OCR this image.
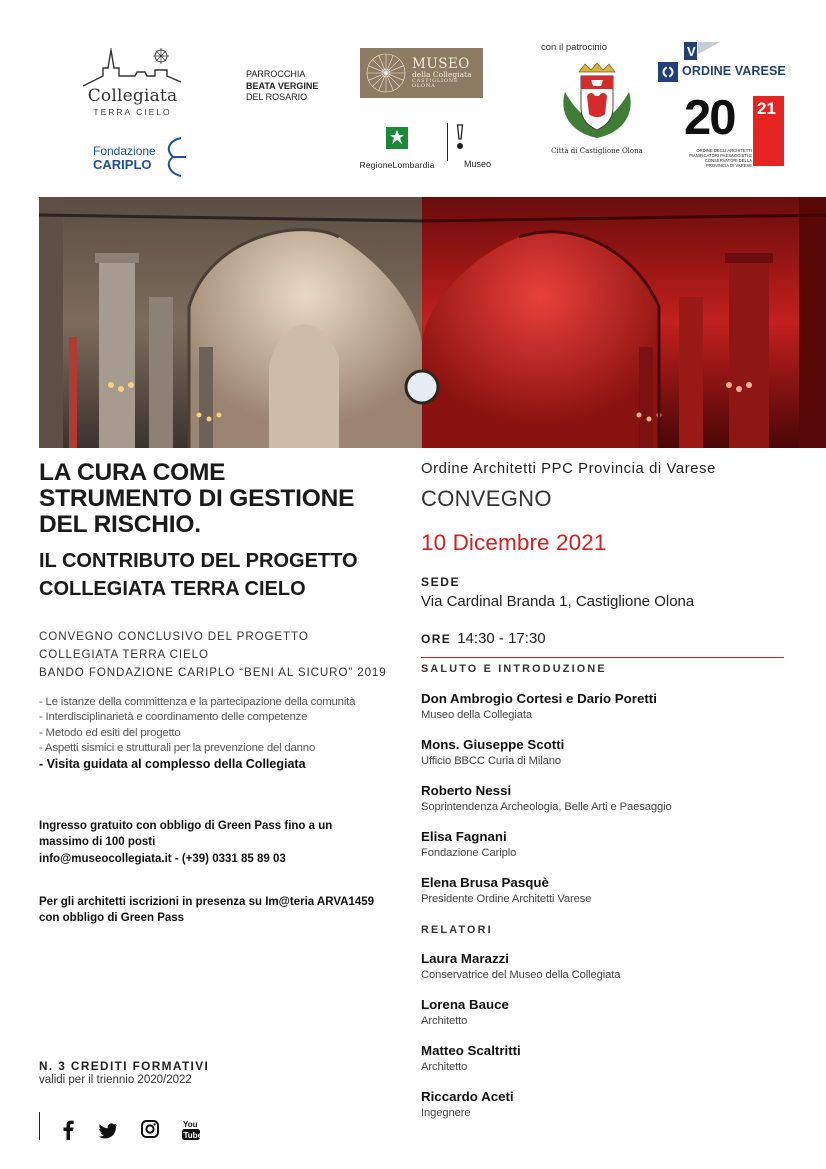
Collegiata
TERRA CIELO
PARROCCHIA
BEATA VERGINE
DEL ROSARIO
MUSEO
della Collegiata
CASTIGLIONE OLONA
RegioneLombardia	Museo
con il patrocinio
Città di Castiglione Olona
V
ORDINE VARESE
20 21
ORDINE DEGLI ARCHITETTI PIANIFICATORI PAESAGGISTI E CONSERVATORI DELLA PROVINCIA DI VARESE
Fondazione
CARIPLO
LA CURA COME
STRUMENTO DI GESTIONE
DEL RISCHIO.
IL CONTRIBUTO DEL PROGETTO
COLLEGIATA TERRA CIELO
CONVEGNO CONCLUSIVO DEL PROGETTO
COLLEGIATA TERRA CIELO
BANDO FONDAZIONE CARIPLO “BENI AL SICURO” 2019
- Le istanze della committenza e la partecipazione della comunità
- Interdisciplinarietà e coordinamento delle competenze
- Metodo ed esiti del progetto
- Aspetti sismici e strutturali per la prevenzione del danno
- Visita guidata al complesso della Collegiata
Ingresso gratuito con obbligo di Green Pass fino a un
massimo di 100 posti
info@museocollegiata.it - (+39) 0331 85 89 03
Per gli architetti iscrizioni in presenza su Im@teria ARVA1459
con obbligo di Green Pass
N. 3 CREDITI FORMATIVI
validi per il triennio 2020/2022
You
Tube
Ordine Architetti PPC Provincia di Varese
CONVEGNO
10 Dicembre 2021
SEDE
Via Cardinal Branda 1, Castiglione Olona
ORE 14:30 - 17:30
SALUTO E INTRODUZIONE
Don Ambrogio Cortesi e Dario Poretti
Museo della Collegiata
Mons. Giuseppe Scotti
Ufficio BBCC Curia di Milano
Roberto Nessi
Soprintendenza Archeologia, Belle Arti e Paesaggio
Elisa Fagnani
Fondazione Cariplo
Elena Brusa Pasquè
Presidente Ordine Architetti Varese
RELATORI
Laura Marazzi
Conservatrice del Museo della Collegiata
Lorena Bauce
Architetto
Matteo Scaltritti
Architetto
Riccardo Aceti
Ingegnere
